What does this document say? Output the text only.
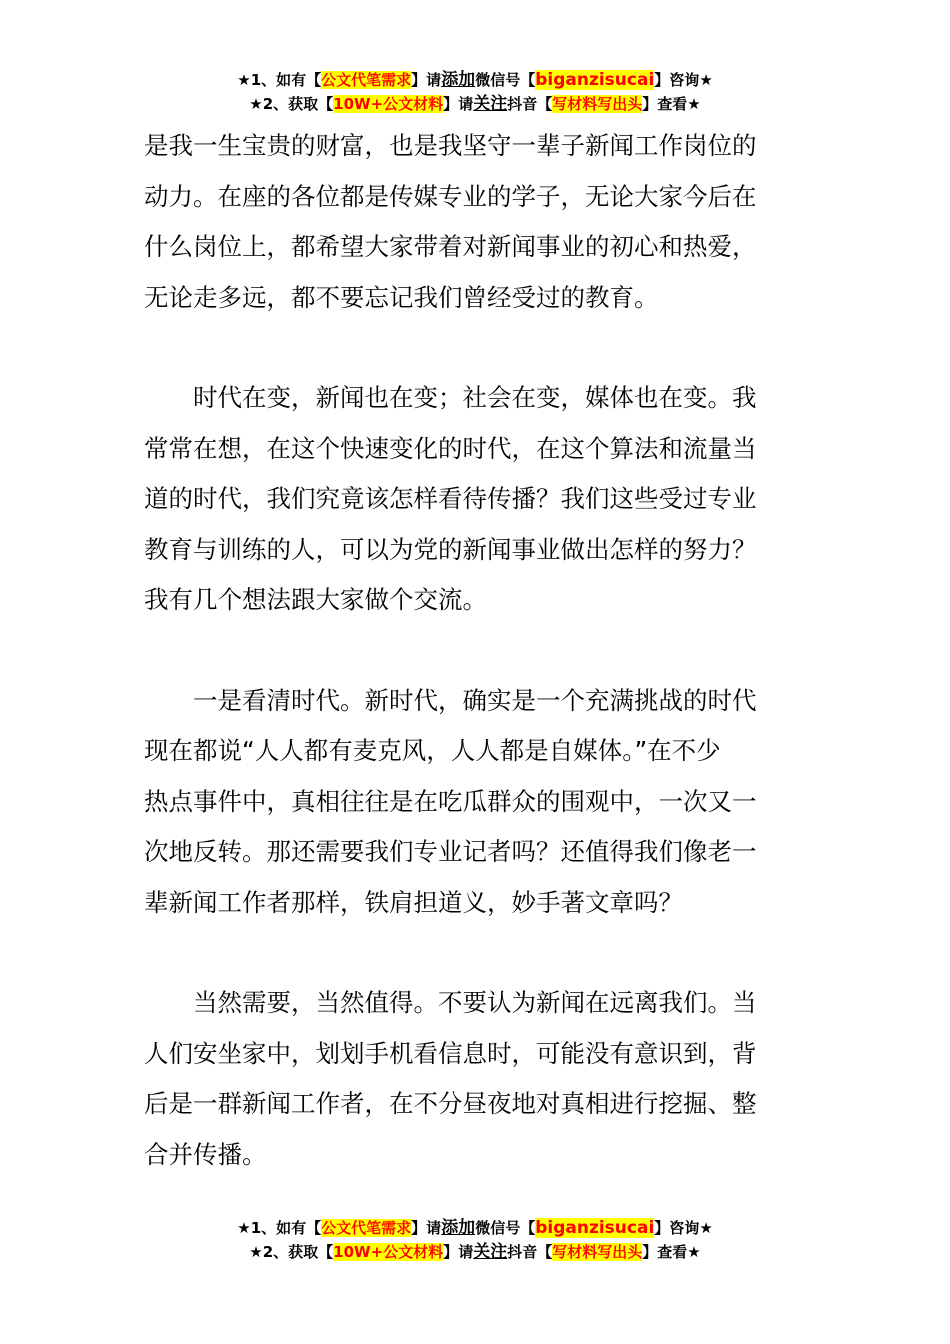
★1、如有【公文代笔需求】请添加微信号【biganzisucai】咨询★
★2、获取【10W+公文材料】请关注抖音【写材料写出头】查看★
是我一生宝贵的财富，也是我坚守一辈子新闻工作岗位的
动力。在座的各位都是传媒专业的学子，无论大家今后在
什么岗位上，都希望大家带着对新闻事业的初心和热爱，
无论走多远，都不要忘记我们曾经受过的教育。
　　时代在变，新闻也在变；社会在变，媒体也在变。我
常常在想，在这个快速变化的时代，在这个算法和流量当
道的时代，我们究竟该怎样看待传播？我们这些受过专业
教育与训练的人，可以为党的新闻事业做出怎样的努力？
我有几个想法跟大家做个交流。
　　一是看清时代。新时代，确实是一个充满挑战的时代
现在都说“人人都有麦克风，人人都是自媒体。”在不少
热点事件中，真相往往是在吃瓜群众的围观中，一次又一
次地反转。那还需要我们专业记者吗？还值得我们像老一
辈新闻工作者那样，铁肩担道义，妙手著文章吗？
　　当然需要，当然值得。不要认为新闻在远离我们。当
人们安坐家中，划划手机看信息时，可能没有意识到，背
后是一群新闻工作者，在不分昼夜地对真相进行挖掘、整
合并传播。
★1、如有【公文代笔需求】请添加微信号【biganzisucai】咨询★
★2、获取【10W+公文材料】请关注抖音【写材料写出头】查看★
